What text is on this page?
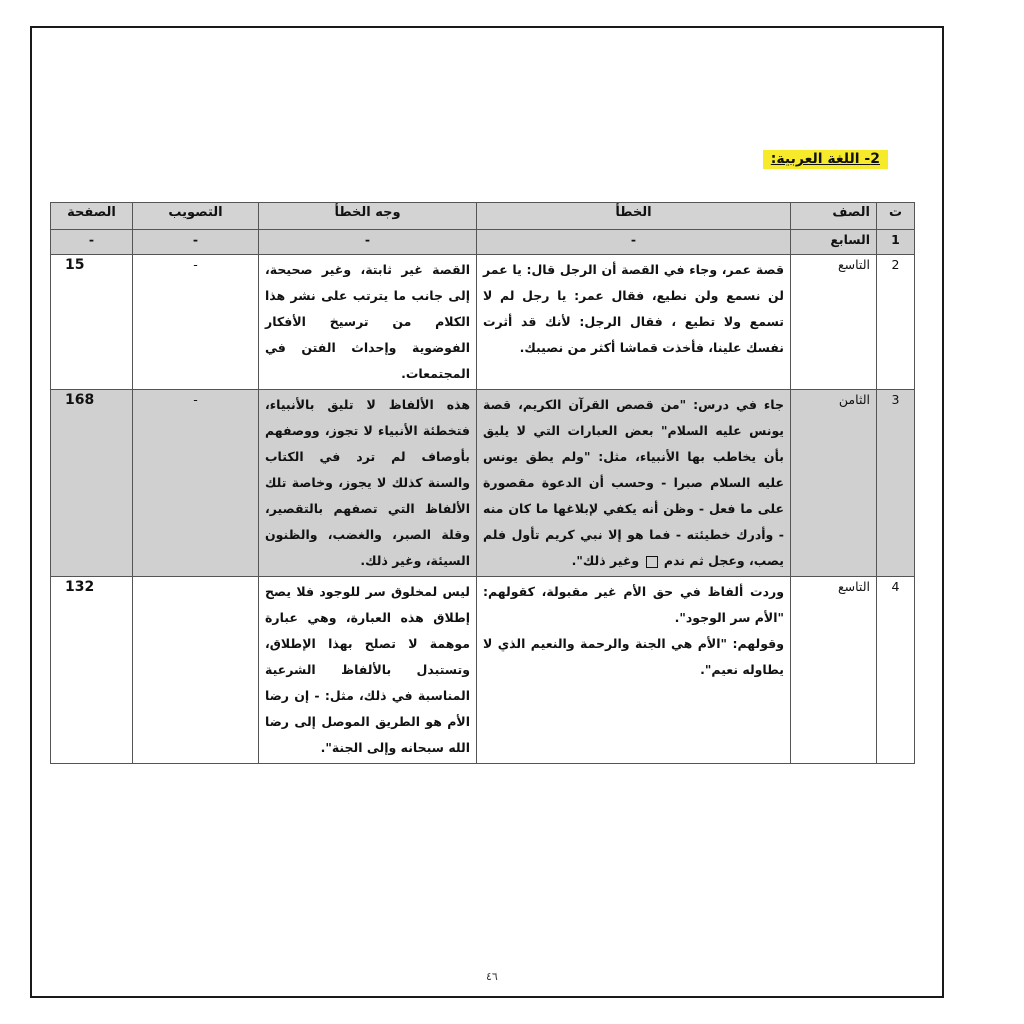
2- اللغة العربية:
ت	الصف	الخطأ	وجه الخطأ	التصويب	الصفحة
1	السابع	-	-	-	-
2	التاسع	قصة عمر، وجاء في القصة أن الرجل قال: يا عمر لن نسمع ولن نطيع، فقال عمر: يا رجل لم لا تسمع ولا تطيع ، فقال الرجل: لأنك قد أثرت نفسك علينا، فأخذت قماشا أكثر من نصيبك.	القصة غير ثابتة، وغير صحيحة، إلى جانب ما يترتب على نشر هذا الكلام من ترسيخ الأفكار الفوضوية وإحداث الفتن في المجتمعات.	-	15
3	الثامن	جاء في درس: "من قصص القرآن الكريم، قصة يونس عليه السلام" بعض العبارات التي لا يليق بأن يخاطب بها الأنبياء، مثل: "ولم يطق يونس عليه السلام صبرا - وحسب أن الدعوة مقصورة على ما فعل - وظن أنه يكفي لإبلاغها ما كان منه - وأدرك خطيئته - فما هو إلا نبي كريم تأول فلم يصب، وعجل ثم ندم  وغير ذلك".	هذه الألفاظ لا تليق بالأنبياء، فتخطئة الأنبياء لا تجوز، ووصفهم بأوصاف لم ترد في الكتاب والسنة كذلك لا يجوز، وخاصة تلك الألفاظ التي تصفهم بالتقصير، وقلة الصبر، والغضب، والظنون السيئة، وغير ذلك.	-	168
4	التاسع	وردت ألفاظ في حق الأم غير مقبولة، كقولهم: "الأم سر الوجود".
وقولهم: "الأم هي الجنة والرحمة والنعيم الذي لا يطاوله نعيم".	ليس لمخلوق سر للوجود فلا يصح إطلاق هذه العبارة، وهي عبارة موهمة لا تصلح بهذا الإطلاق، وتستبدل بالألفاظ الشرعية المناسبة في ذلك، مثل: - إن رضا الأم هو الطريق الموصل إلى رضا الله سبحانه وإلى الجنة".		132
٤٦
